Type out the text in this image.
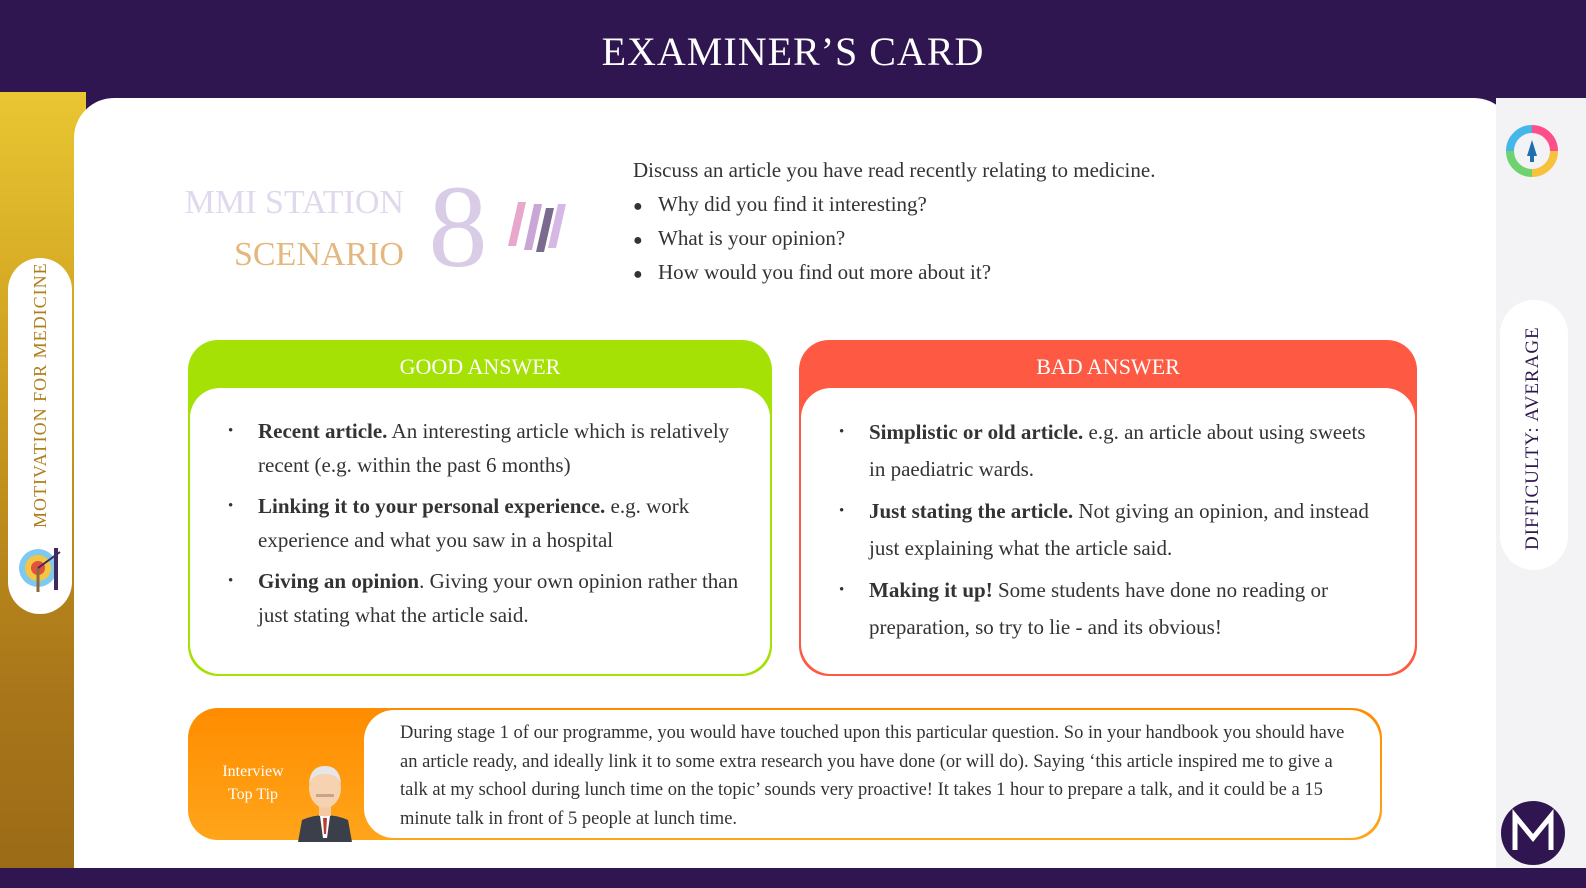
EXAMINER’S CARD
MOTIVATION FOR MEDICINE	DIFFICULTY: AVERAGE
MMI STATION
SCENARIO 8	Discuss an article you have read recently relating to medicine.
● Why did you find it interesting?
● What is your opinion?
● How would you find out more about it?
GOOD ANSWER
• Recent article. An interesting article which is relatively recent (e.g. within the past 6 months)
• Linking it to your personal experience. e.g. work experience and what you saw in a hospital
• Giving an opinion. Giving your own opinion rather than just stating what the article said.
BAD ANSWER
• Simplistic or old article. e.g. an article about using sweets in paediatric wards.
• Just stating the article. Not giving an opinion, and instead just explaining what the article said.
• Making it up! Some students have done no reading or preparation, so try to lie - and its obvious!
Interview
Top Tip
During stage 1 of our programme, you would have touched upon this particular question. So in your handbook you should have an article ready, and ideally link it to some extra research you have done (or will do). Saying ‘this article inspired me to give a talk at my school during lunch time on the topic’ sounds very proactive! It takes 1 hour to prepare a talk, and it could be a 15 minute talk in front of 5 people at lunch time.
